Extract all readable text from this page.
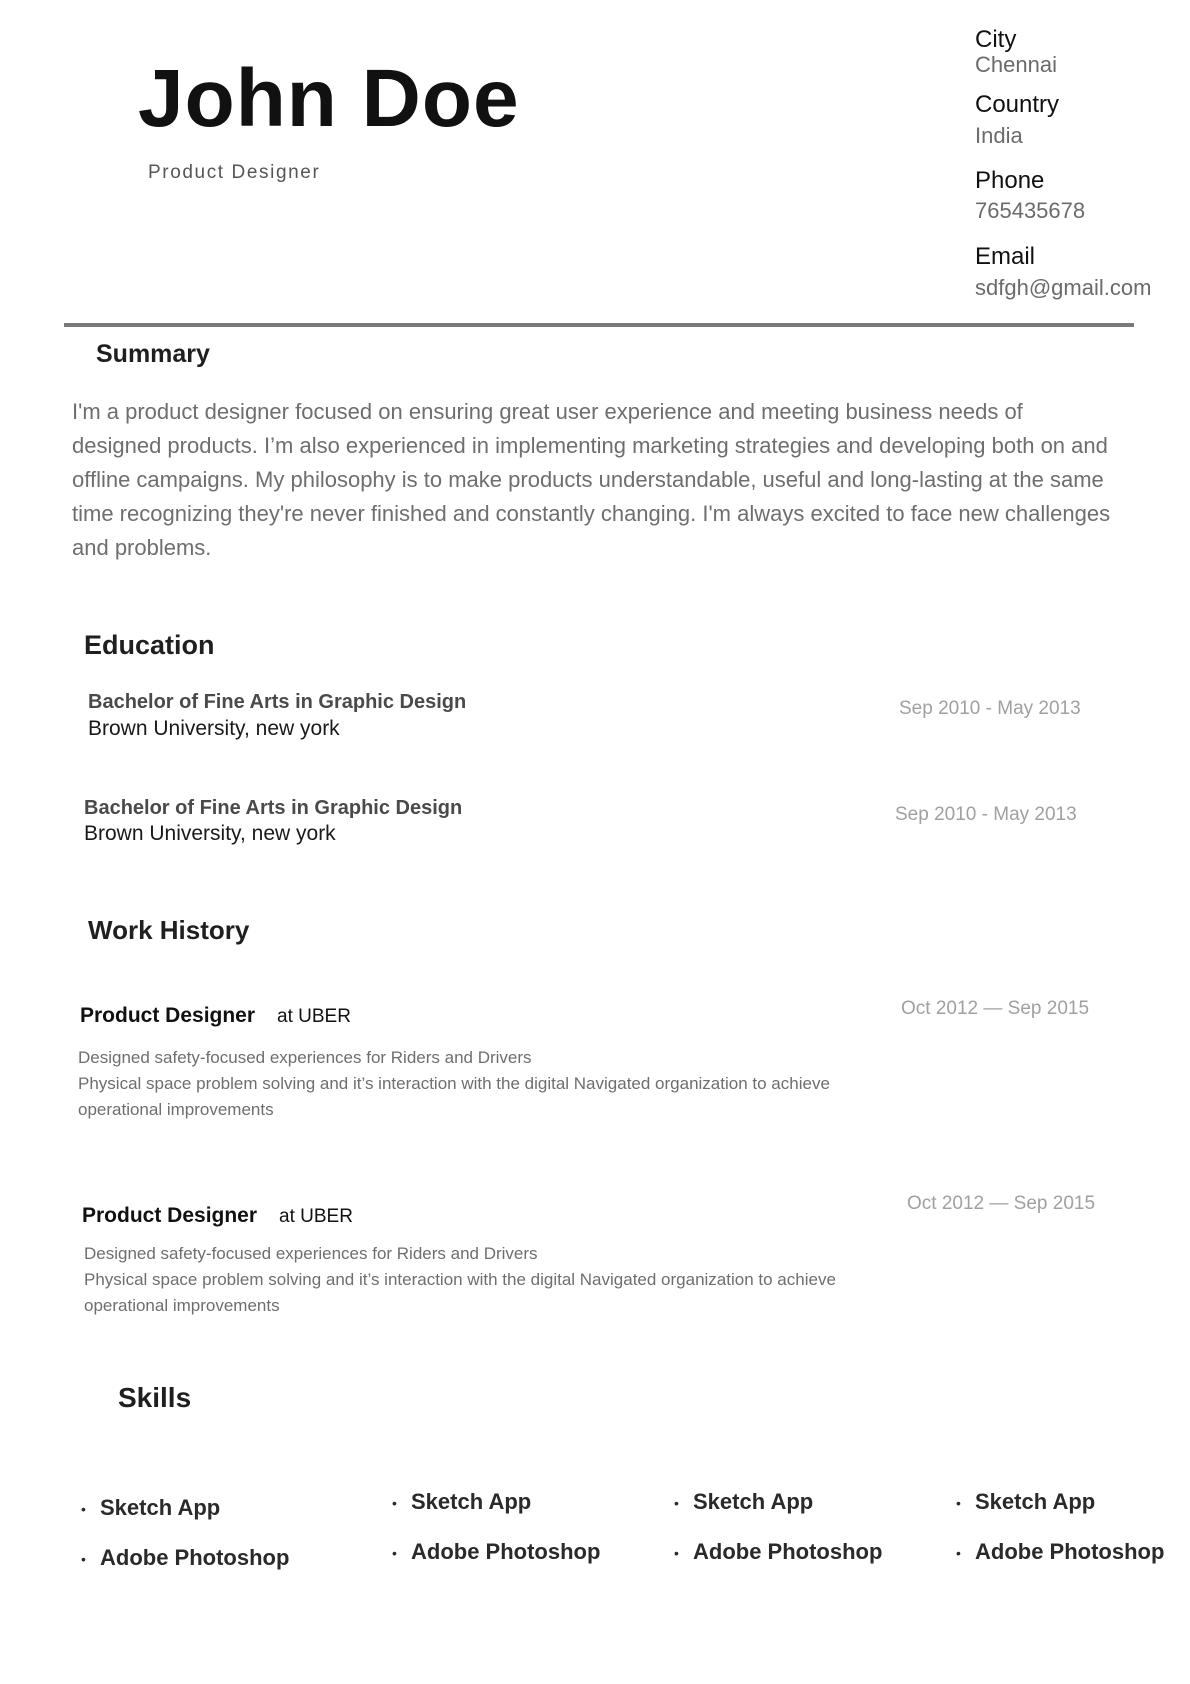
John Doe
Product Designer
City
Chennai
Country
India
Phone
765435678
Email
sdfgh@gmail.com
Summary
I'm a product designer focused on ensuring great user experience and meeting business needs of designed products. I’m also experienced in implementing marketing strategies and developing both on and offline campaigns. My philosophy is to make products understandable, useful and long-lasting at the same time recognizing they're never finished and constantly changing. I'm always excited to face new challenges and problems.
Education
Bachelor of Fine Arts in Graphic Design
Brown University, new york
Sep 2010 - May 2013
Bachelor of Fine Arts in Graphic Design
Brown University, new york
Sep 2010 - May 2013
Work History
Product Designer at UBER	Oct 2012 — Sep 2015
Designed safety-focused experiences for Riders and Drivers
Physical space problem solving and it’s interaction with the digital Navigated organization to achieve operational improvements
Product Designer at UBER
Oct 2012 — Sep 2015
Designed safety-focused experiences for Riders and Drivers
Physical space problem solving and it’s interaction with the digital Navigated organization to achieve operational improvements
Skills
• Sketch App
• Adobe Photoshop
• Sketch App
• Adobe Photoshop
• Sketch App
• Adobe Photoshop
• Sketch App
• Adobe Photoshop
